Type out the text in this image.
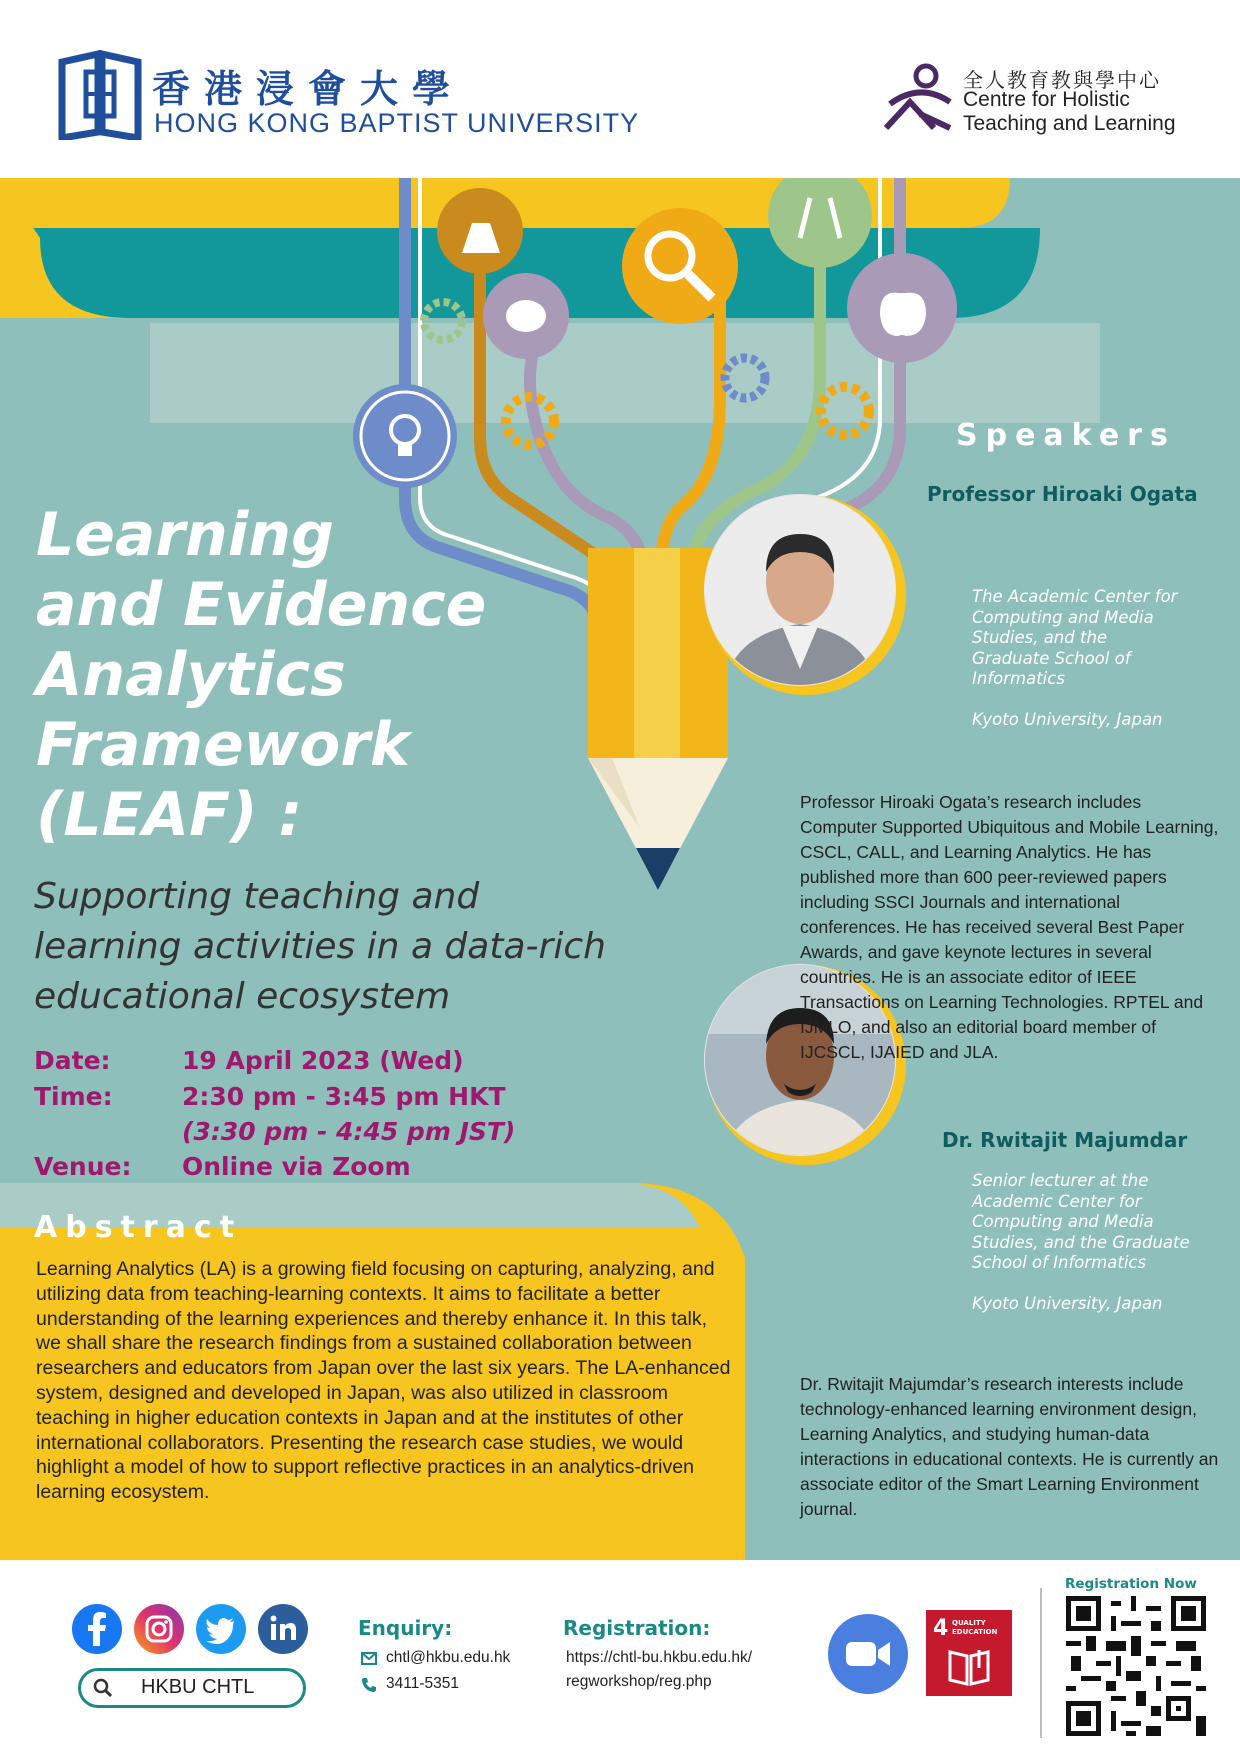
香港浸會大學
HONG KONG BAPTIST UNIVERSITY
全人教育教與學中心
Centre for Holistic
Teaching and Learning
Learning
and Evidence
Analytics
Framework
(LEAF) :
Supporting teaching and
learning activities in a data-rich
educational ecosystem
Date:	19 April 2023 (Wed)
Time:	2:30 pm - 3:45 pm HKT
(3:30 pm - 4:45 pm JST)
Venue: Online via Zoom
Abstract
Learning Analytics (LA) is a growing field focusing on capturing, analyzing, and utilizing data from teaching-learning contexts. It aims to facilitate a better understanding of the learning experiences and thereby enhance it. In this talk, we shall share the research findings from a sustained collaboration between researchers and educators from Japan over the last six years. The LA-enhanced system, designed and developed in Japan, was also utilized in classroom teaching in higher education contexts in Japan and at the institutes of other international collaborators. Presenting the research case studies, we would highlight a model of how to support reflective practices in an analytics-driven learning ecosystem.
Speakers
Professor Hiroaki Ogata
The Academic Center for
Computing and Media
Studies, and the
Graduate School of
Informatics
Kyoto University, Japan
Professor Hiroaki Ogata’s research includes Computer Supported Ubiquitous and Mobile Learning, CSCL, CALL, and Learning Analytics. He has published more than 600 peer-reviewed papers including SSCI Journals and international conferences. He has received several Best Paper Awards, and gave keynote lectures in several countries. He is an associate editor of IEEE Transactions on Learning Technologies. RPTEL and IJMLO, and also an editorial board member of IJCSCL, IJAIED and JLA.
Dr. Rwitajit Majumdar
Senior lecturer at the
Academic Center for
Computing and Media
Studies, and the Graduate
School of Informatics
Kyoto University, Japan
Dr. Rwitajit Majumdar’s research interests include technology-enhanced learning environment design, Learning Analytics, and studying human-data interactions in educational contexts. He is currently an associate editor of the Smart Learning Environment journal.
HKBU CHTL
Enquiry:
chtl@hkbu.edu.hk
3411-5351
Registration:
https://chtl-bu.hkbu.edu.hk/
regworkshop/reg.php
4 QUALITY
EDUCATION
Registration Now
